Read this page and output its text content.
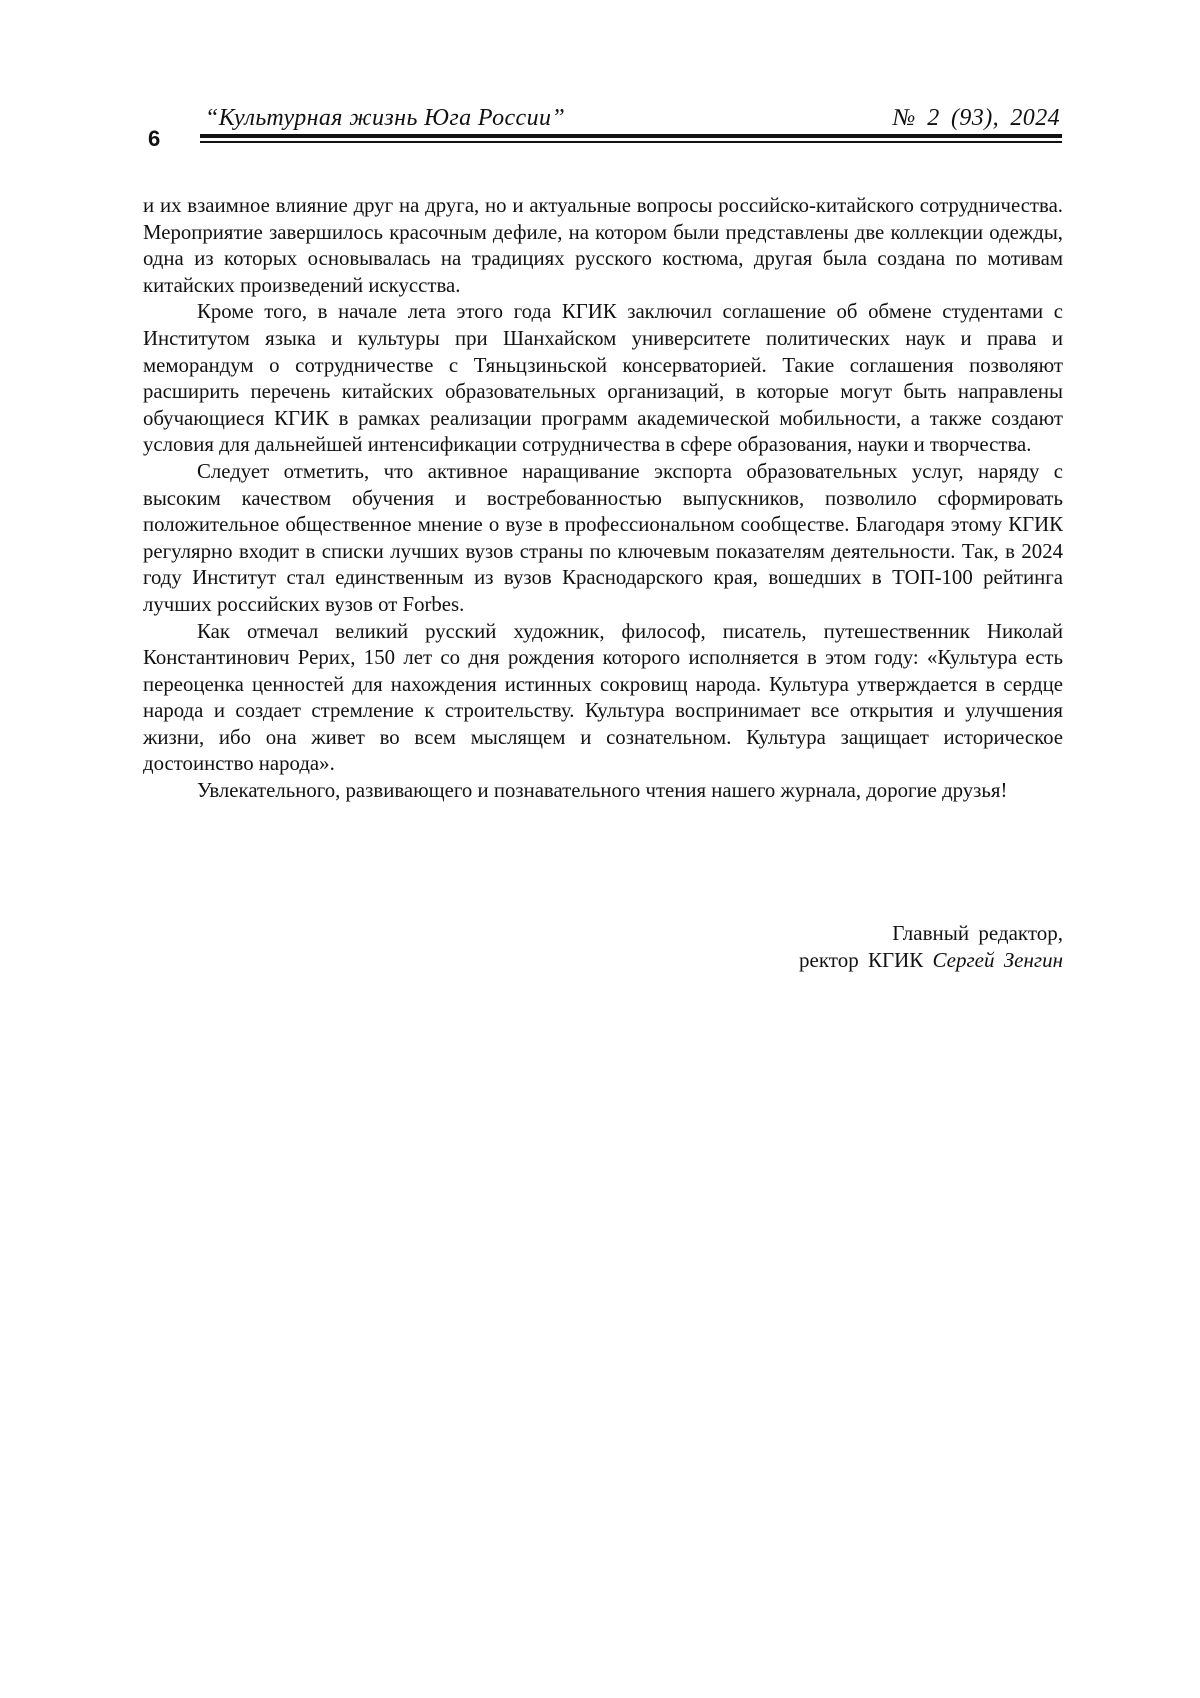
6
“Культурная жизнь Юга России”	№ 2 (93), 2024

и их взаимное влияние друг на друга, но и актуальные вопросы российско-китайского сотрудничества. Мероприятие завершилось красочным дефиле, на котором были представлены две коллекции одежды, одна из которых основывалась на традициях русского костюма, другая была создана по мотивам китайских произведений искусства.

Кроме того, в начале лета этого года КГИК заключил соглашение об обмене студентами с Институтом языка и культуры при Шанхайском университете политических наук и права и меморандум о сотрудничестве с Тяньцзиньской консерваторией. Такие соглашения позволяют расширить перечень китайских образовательных организаций, в которые могут быть направлены обучающиеся КГИК в рамках реализации программ академической мобильности, а также создают условия для дальнейшей интенсификации сотрудничества в сфере образования, науки и творчества.

Следует отметить, что активное наращивание экспорта образовательных услуг, наряду с высоким качеством обучения и востребованностью выпускников, позволило сформировать положительное общественное мнение о вузе в профессиональном сообществе. Благодаря этому КГИК регулярно входит в списки лучших вузов страны по ключевым показателям деятельности. Так, в 2024 году Институт стал единственным из вузов Краснодарского края, вошедших в ТОП-100 рейтинга лучших российских вузов от Forbes.

Как отмечал великий русский художник, философ, писатель, путешественник Николай Константинович Рерих, 150 лет со дня рождения которого исполняется в этом году: «Культура есть переоценка ценностей для нахождения истинных сокровищ народа. Культура утверждается в сердце народа и создает стремление к строительству. Культура воспринимает все открытия и улучшения жизни, ибо она живет во всем мыслящем и сознательном. Культура защищает историческое достоинство народа».

Увлекательного, развивающего и познавательного чтения нашего журнала, дорогие друзья!

Главный редактор,
ректор КГИК Сергей Зенгин
